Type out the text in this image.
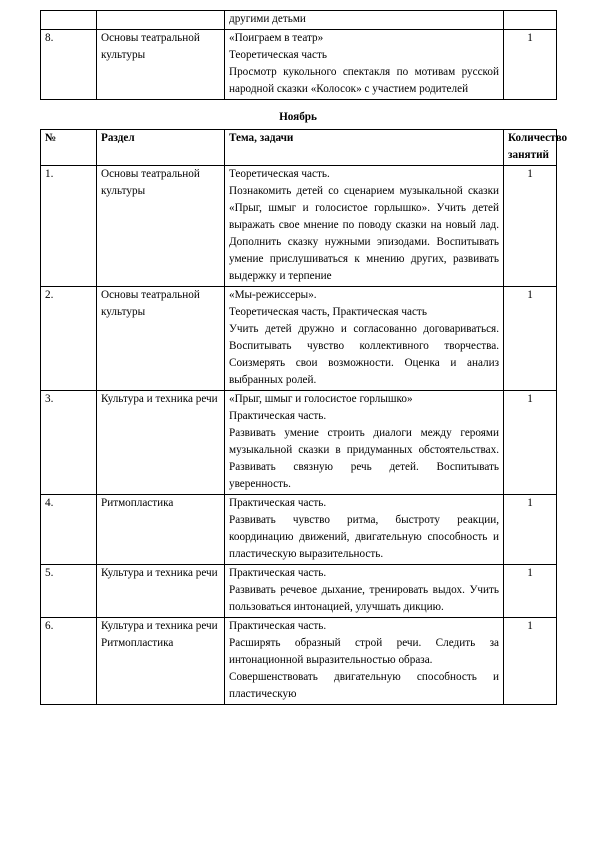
		другими детьми	

8.	Основы театральной культуры	«Поиграем в театр»

Теоретическая часть

Просмотр кукольного спектакля по мотивам русской народной сказки «Колосок» с участием родителей	1
Ноябрь
№	Раздел	Тема, задачи	Количество занятий
1.	Основы театральной культуры	Теоретическая часть.

Познакомить детей со сценарием музыкальной сказки «Прыг, шмыг и голосистое горлышко». Учить детей выражать свое мнение по поводу сказки на новый лад. Дополнить сказку нужными эпизодами. Воспитывать умение прислушиваться к мнению других, развивать выдержку и терпение	1
2.	Основы театральной культуры	«Мы-режиссеры».

Теоретическая часть, Практическая часть

Учить детей дружно и согласованно договариваться. Воспитывать чувство коллективного творчества. Соизмерять свои возможности. Оценка и анализ выбранных ролей.	1
3.	Культура и техника речи	«Прыг, шмыг и голосистое горлышко»

Практическая часть.

Развивать умение строить диалоги между героями музыкальной сказки в придуманных обстоятельствах. Развивать связную речь детей. Воспитывать уверенность.	1
4.	Ритмопластика	Практическая часть.

Развивать чувство ритма, быстроту реакции, координацию движений, двигательную способность и пластическую выразительность.	1
5.	Культура и техника речи	Практическая часть.

Развивать речевое дыхание, тренировать выдох. Учить пользоваться интонацией, улучшать дикцию.	1
6.	Культура и техника речи Ритмопластика	Практическая часть.

Расширять образный строй речи. Следить за интонационной выразительностью образа.

Совершенствовать двигательную способность и пластическую	1
